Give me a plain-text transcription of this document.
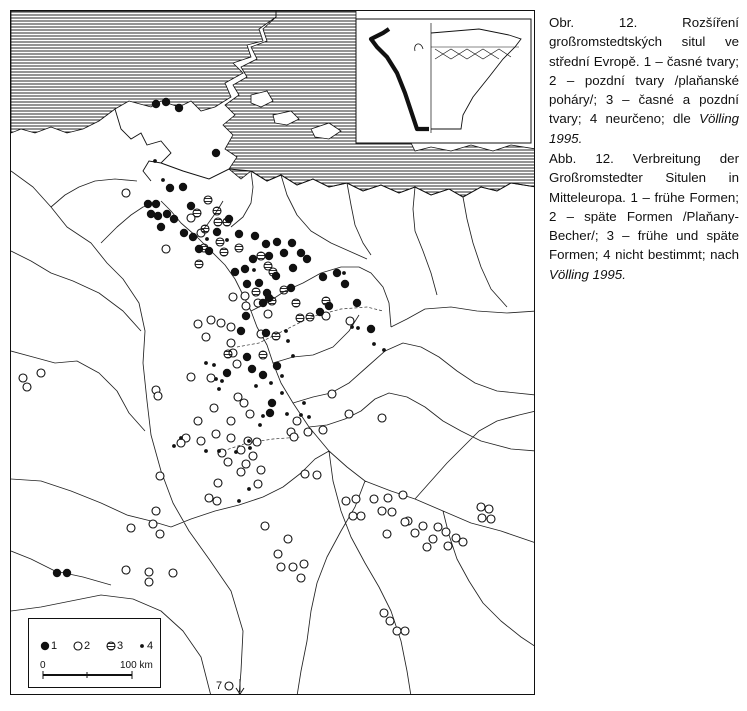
1 2 3 4
0	100 km
7
Obr. 12. Rozšíření großromstedtských situl ve střední Evropě. 1 – časné tvary; 2 – pozdní tvary /plaňanské poháry/; 3 – časné a pozdní tvary; 4 neurčeno; dle Völling 1995.
Abb. 12. Verbreitung der Großromstedter Situlen in Mitteleuropa. 1 – frühe Formen; 2 – späte Formen /Plaňany-Becher/; 3 – frühe und späte Formen; 4 nicht bestimmt; nach Völling 1995.
